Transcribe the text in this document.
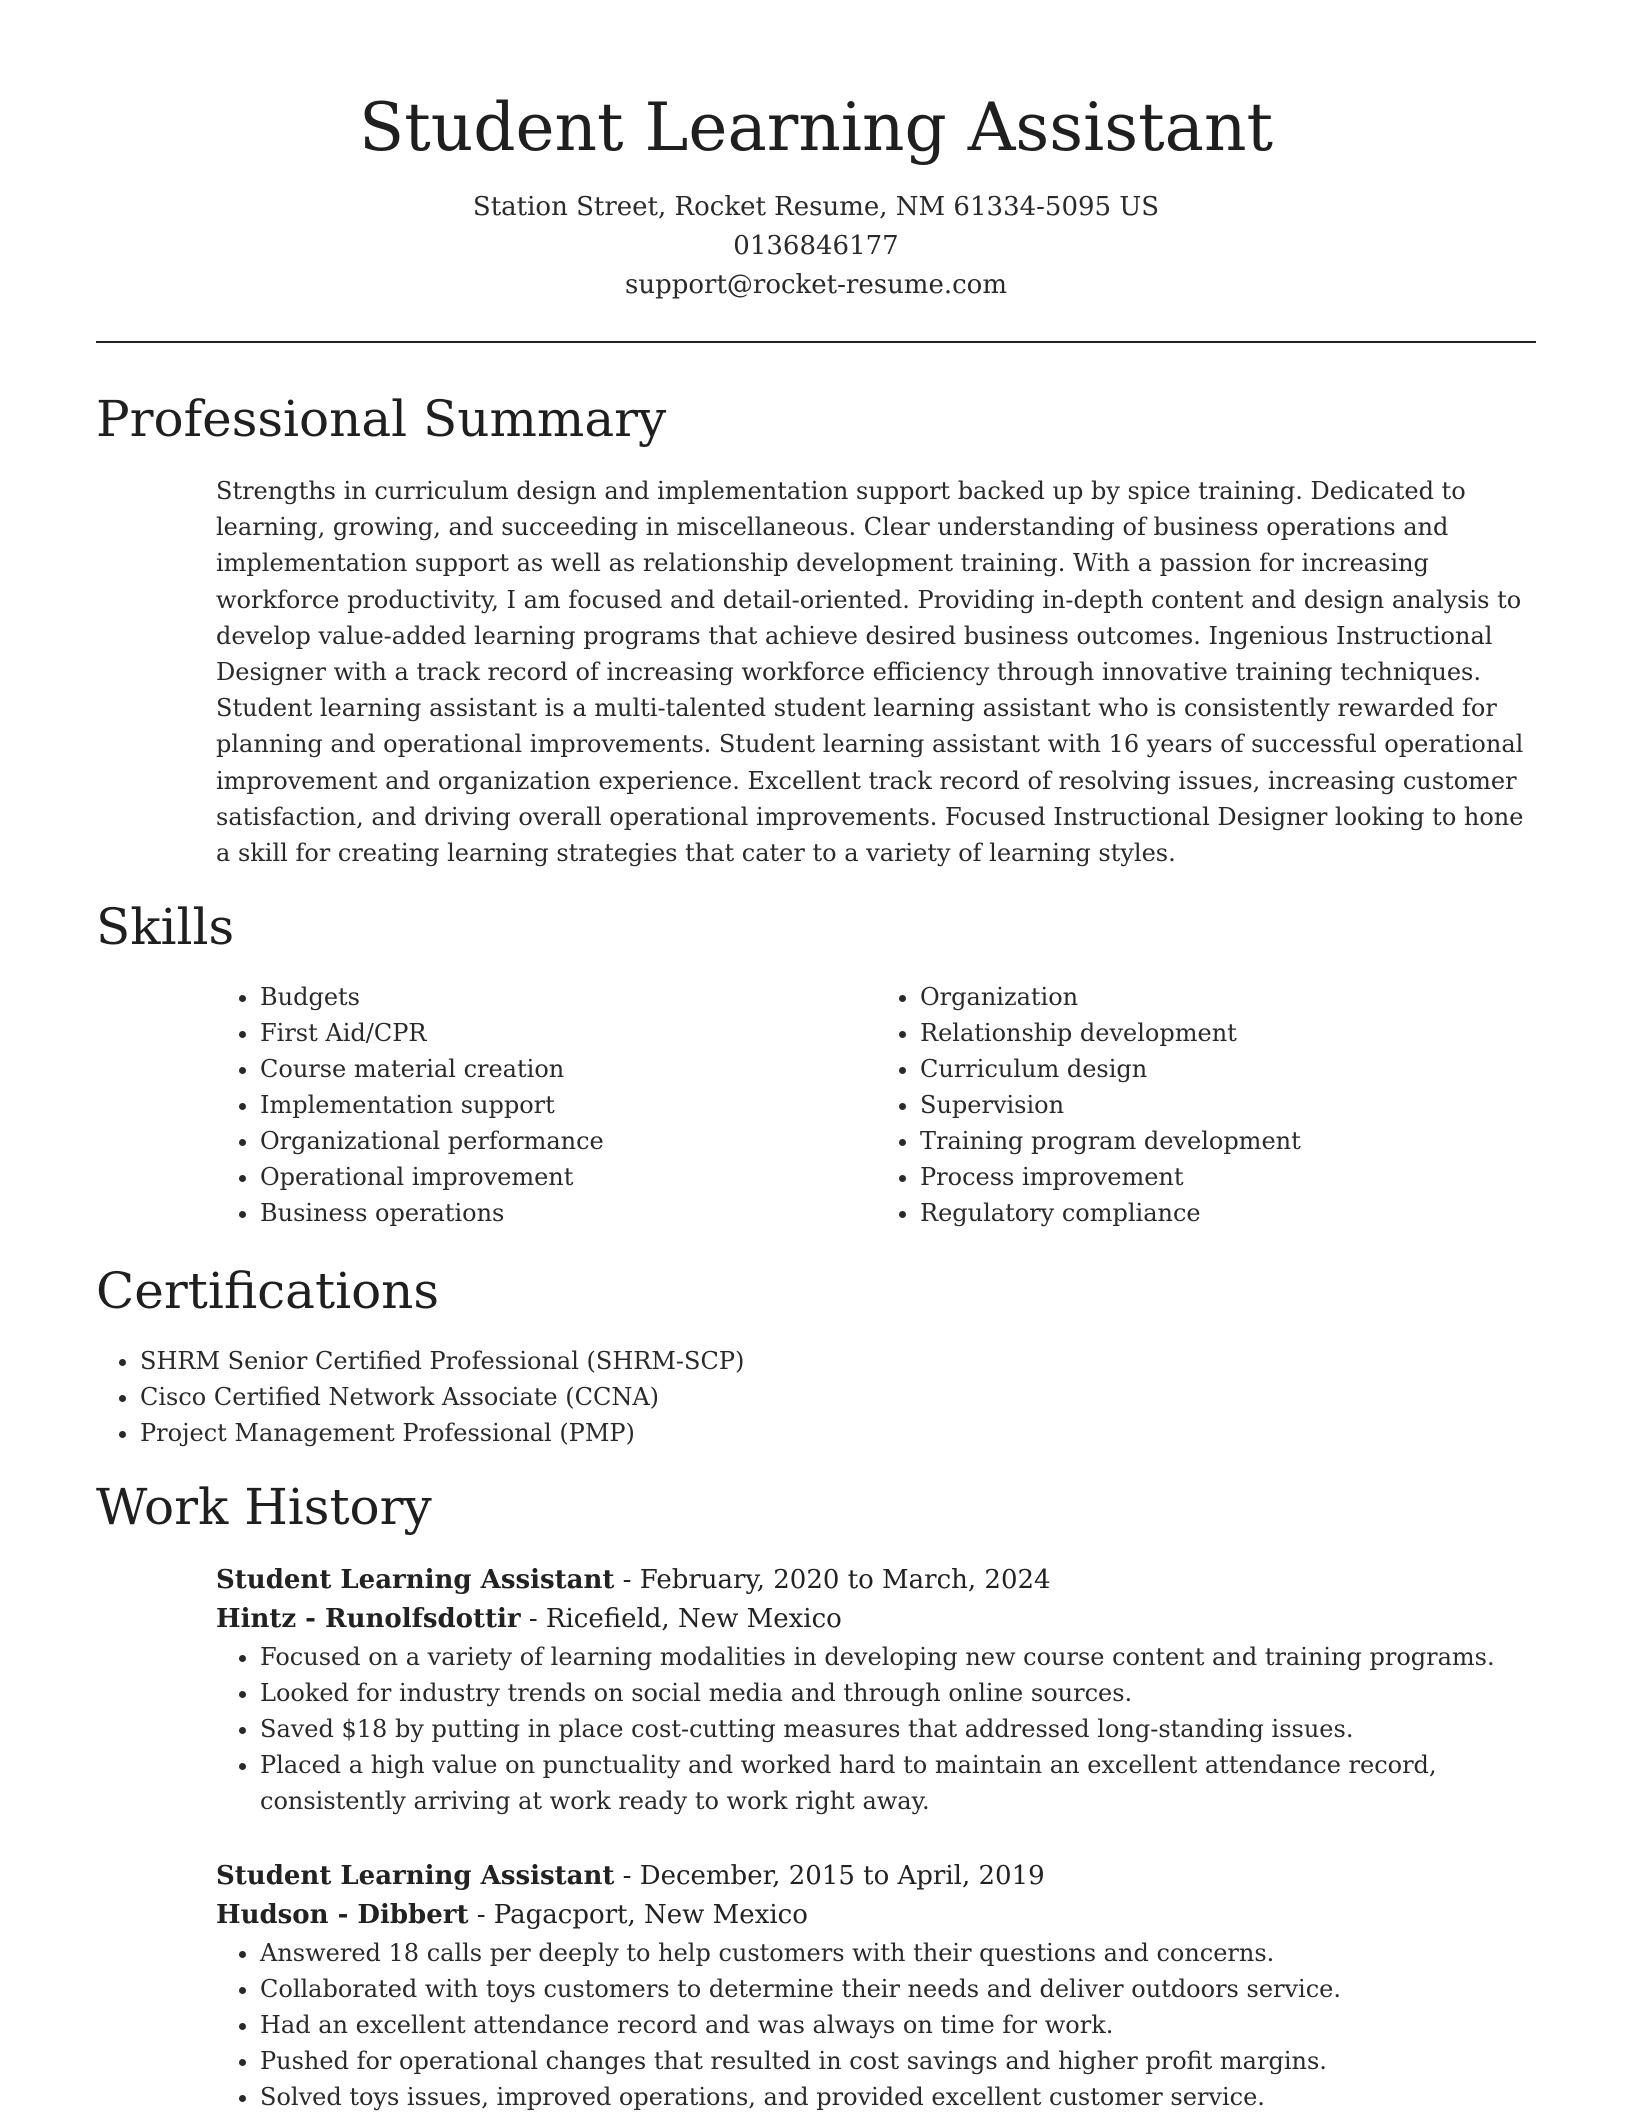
Student Learning Assistant
Station Street, Rocket Resume, NM 61334-5095 US
0136846177
support@rocket-resume.com
Professional Summary

Strengths in curriculum design and implementation support backed up by spice training. Dedicated to learning, growing, and succeeding in miscellaneous. Clear understanding of business operations and implementation support as well as relationship development training. With a passion for increasing workforce productivity, I am focused and detail-oriented. Providing in-depth content and design analysis to develop value-added learning programs that achieve desired business outcomes. Ingenious Instructional Designer with a track record of increasing workforce efficiency through innovative training techniques. Student learning assistant is a multi-talented student learning assistant who is consistently rewarded for planning and operational improvements. Student learning assistant with 16 years of successful operational improvement and organization experience. Excellent track record of resolving issues, increasing customer satisfaction, and driving overall operational improvements. Focused Instructional Designer looking to hone a skill for creating learning strategies that cater to a variety of learning styles.

Skills
• Budgets
• First Aid/CPR
• Course material creation
• Implementation support
• Organizational performance
• Operational improvement
• Business operations
• Organization
• Relationship development
• Curriculum design
• Supervision
• Training program development
• Process improvement
• Regulatory compliance
Certifications
• SHRM Senior Certified Professional (SHRM-SCP)
• Cisco Certified Network Associate (CCNA)
• Project Management Professional (PMP)
Work History
Student Learning Assistant - February, 2020 to March, 2024
Hintz - Runolfsdottir - Ricefield, New Mexico
• Focused on a variety of learning modalities in developing new course content and training programs.
• Looked for industry trends on social media and through online sources.
• Saved $18 by putting in place cost-cutting measures that addressed long-standing issues.
• Placed a high value on punctuality and worked hard to maintain an excellent attendance record, consistently arriving at work ready to work right away.
Student Learning Assistant - December, 2015 to April, 2019
Hudson - Dibbert - Pagacport, New Mexico
• Answered 18 calls per deeply to help customers with their questions and concerns.
• Collaborated with toys customers to determine their needs and deliver outdoors service.
• Had an excellent attendance record and was always on time for work.
• Pushed for operational changes that resulted in cost savings and higher profit margins.
• Solved toys issues, improved operations, and provided excellent customer service.
